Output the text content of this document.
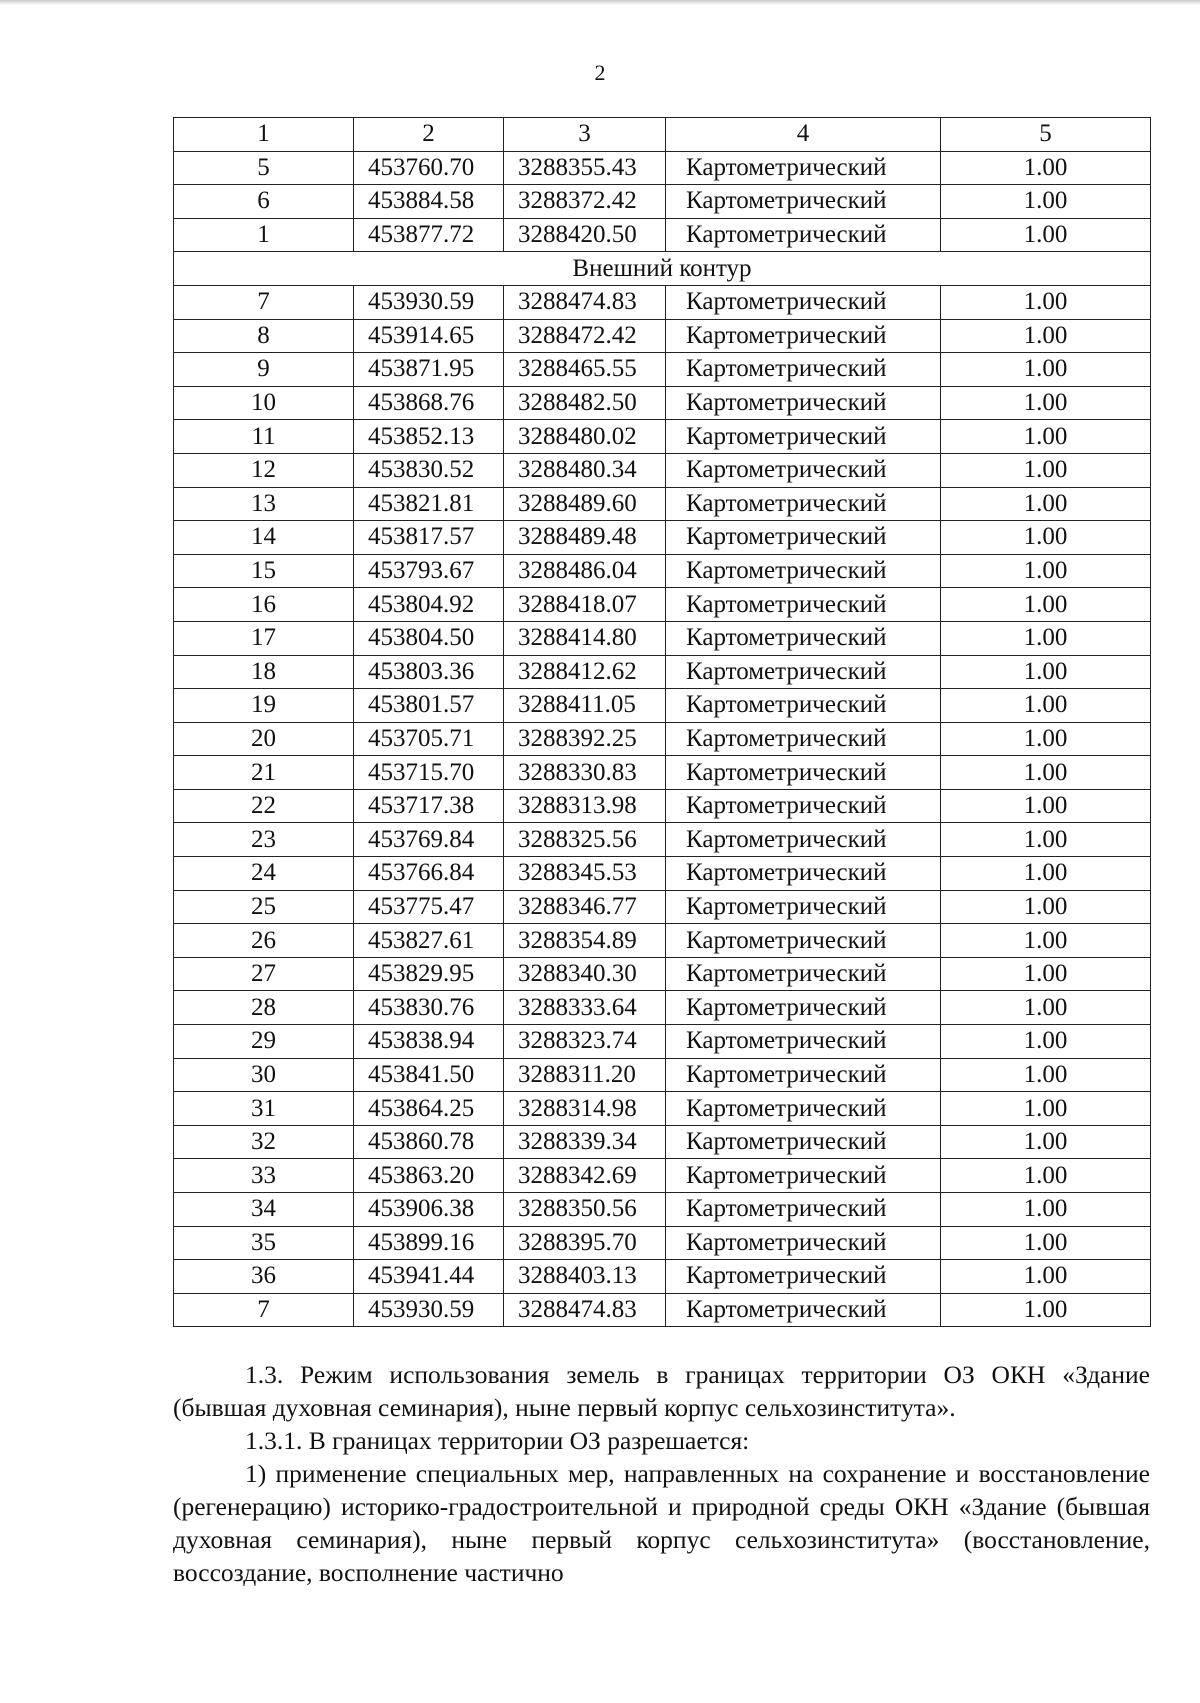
2
1	2	3	4	5
5	453760.70	3288355.43	Картометрический	1.00
6	453884.58	3288372.42	Картометрический	1.00
1	453877.72	3288420.50	Картометрический	1.00
Внешний контур				
7	453930.59	3288474.83	Картометрический	1.00
8	453914.65	3288472.42	Картометрический	1.00
9	453871.95	3288465.55	Картометрический	1.00
10	453868.76	3288482.50	Картометрический	1.00
11	453852.13	3288480.02	Картометрический	1.00
12	453830.52	3288480.34	Картометрический	1.00
13	453821.81	3288489.60	Картометрический	1.00
14	453817.57	3288489.48	Картометрический	1.00
15	453793.67	3288486.04	Картометрический	1.00
16	453804.92	3288418.07	Картометрический	1.00
17	453804.50	3288414.80	Картометрический	1.00
18	453803.36	3288412.62	Картометрический	1.00
19	453801.57	3288411.05	Картометрический	1.00
20	453705.71	3288392.25	Картометрический	1.00
21	453715.70	3288330.83	Картометрический	1.00
22	453717.38	3288313.98	Картометрический	1.00
23	453769.84	3288325.56	Картометрический	1.00
24	453766.84	3288345.53	Картометрический	1.00
25	453775.47	3288346.77	Картометрический	1.00
26	453827.61	3288354.89	Картометрический	1.00
27	453829.95	3288340.30	Картометрический	1.00
28	453830.76	3288333.64	Картометрический	1.00
29	453838.94	3288323.74	Картометрический	1.00
30	453841.50	3288311.20	Картометрический	1.00
31	453864.25	3288314.98	Картометрический	1.00
32	453860.78	3288339.34	Картометрический	1.00
33	453863.20	3288342.69	Картометрический	1.00
34	453906.38	3288350.56	Картометрический	1.00
35	453899.16	3288395.70	Картометрический	1.00
36	453941.44	3288403.13	Картометрический	1.00
7	453930.59	3288474.83	Картометрический	1.00

1.3. Режим использования земель в границах территории ОЗ ОКН «Здание (бывшая духовная семинария), ныне первый корпус сельхозинститута».

1.3.1. В границах территории ОЗ разрешается:

1) применение специальных мер, направленных на сохранение и восстановление (регенерацию) историко-градостроительной и природной среды ОКН «Здание (бывшая духовная семинария), ныне первый корпус сельхозинститута» (восстановление, воссоздание, восполнение частично
